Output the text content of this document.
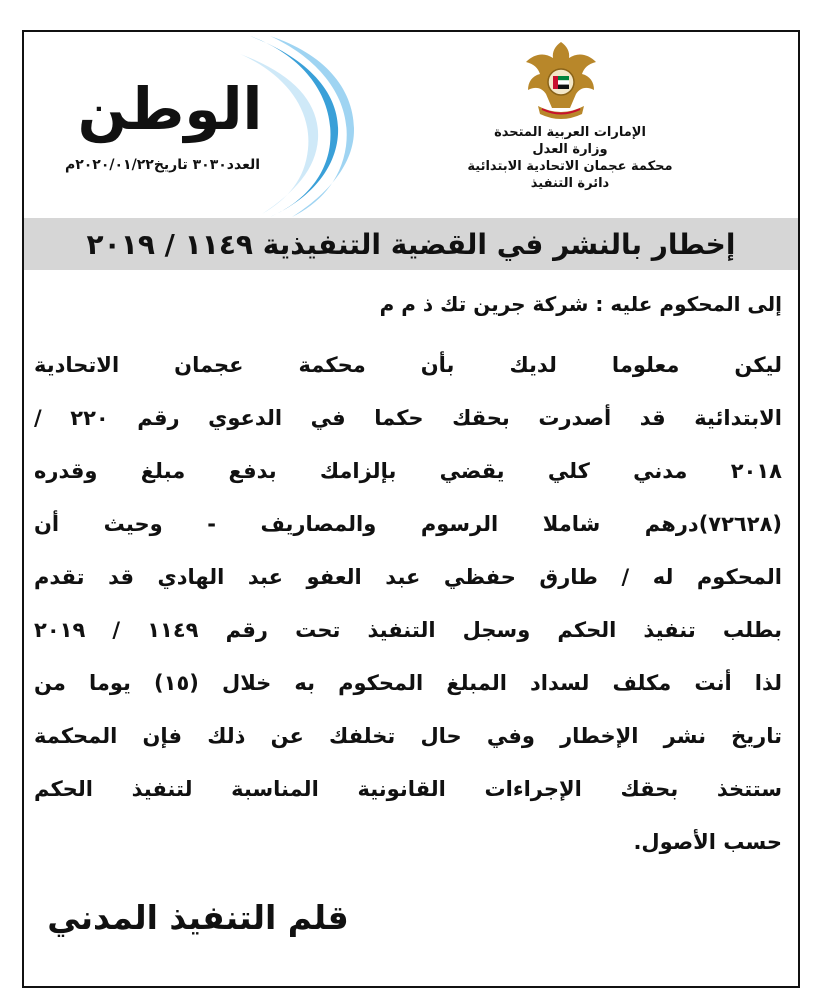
الإمارات العربية المتحدة
وزارة العدل
محكمة عجمان الاتحادية الابتدائية
دائرة التنفيذ
الوطن
العدد٣٠٣٠ تاريخ٢٠٢٠/٠١/٢٢م
إخطار بالنشر في القضية التنفيذية ١١٤٩ / ٢٠١٩
إلى المحكوم عليه : شركة جرين تك ذ م م
ليكن معلوما لديك بأن محكمة عجمان الاتحادية
الابتدائية قد أصدرت بحقك حكما في الدعوي رقم ٢٢٠ /
٢٠١٨ مدني كلي يقضي بإلزامك بدفع مبلغ وقدره
(٧٢٦٢٨)درهم شاملا الرسوم والمصاريف - وحيث أن
المحكوم له / طارق حفظي عبد العفو عبد الهادي قد تقدم
بطلب تنفيذ الحكم وسجل التنفيذ تحت رقم ١١٤٩ / ٢٠١٩
لذا أنت مكلف لسداد المبلغ المحكوم به خلال (١٥) يوما من
تاريخ نشر الإخطار وفي حال تخلفك عن ذلك فإن المحكمة
ستتخذ بحقك الإجراءات القانونية المناسبة لتنفيذ الحكم
حسب الأصول.
قلم التنفيذ المدني
